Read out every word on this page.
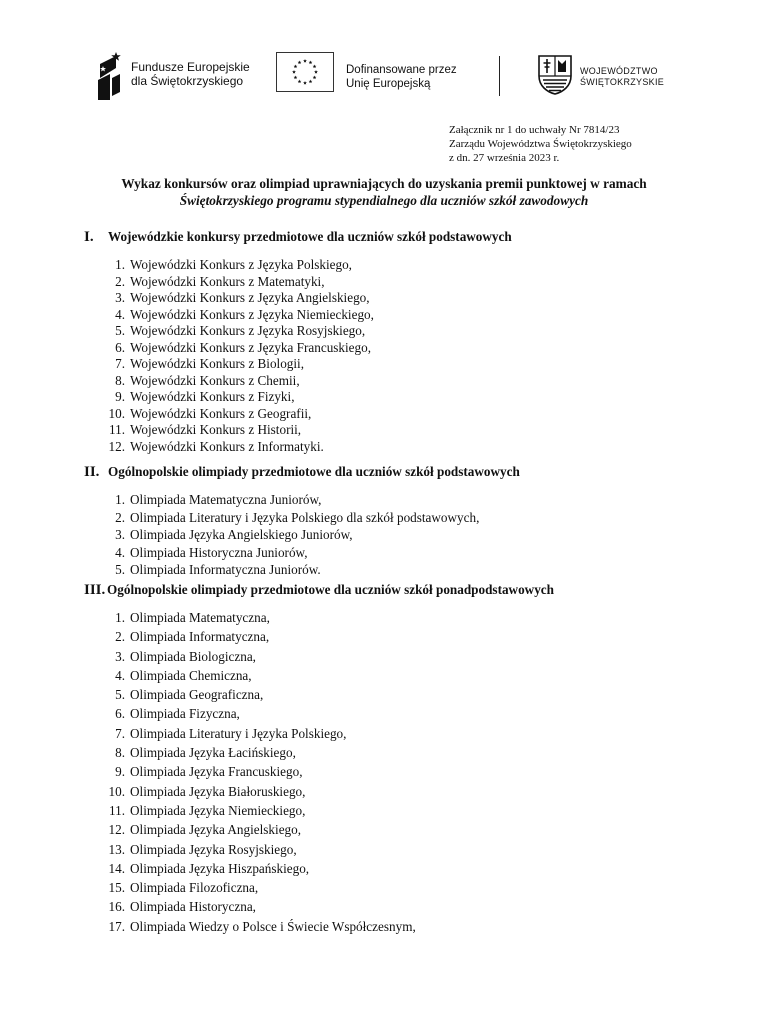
Fundusze Europejskie
dla Świętokrzyskiego
Dofinansowane przez
Unię Europejską
WOJEWÓDZTWO
ŚWIĘTOKRZYSKIE
Załącznik nr 1 do uchwały Nr 7814/23
Zarządu Województwa Świętokrzyskiego
z dn. 27 września 2023 r.
Wykaz konkursów oraz olimpiad uprawniających do uzyskania premii punktowej w ramach
Świętokrzyskiego programu stypendialnego dla uczniów szkół zawodowych
I. Wojewódzkie konkursy przedmiotowe dla uczniów szkół podstawowych
1. Wojewódzki Konkurs z Języka Polskiego,
2. Wojewódzki Konkurs z Matematyki,
3. Wojewódzki Konkurs z Języka Angielskiego,
4. Wojewódzki Konkurs z Języka Niemieckiego,
5. Wojewódzki Konkurs z Języka Rosyjskiego,
6. Wojewódzki Konkurs z Języka Francuskiego,
7. Wojewódzki Konkurs z Biologii,
8. Wojewódzki Konkurs z Chemii,
9. Wojewódzki Konkurs z Fizyki,
10. Wojewódzki Konkurs z Geografii,
11. Wojewódzki Konkurs z Historii,
12. Wojewódzki Konkurs z Informatyki.
II. Ogólnopolskie olimpiady przedmiotowe dla uczniów szkół podstawowych
1. Olimpiada Matematyczna Juniorów,
2. Olimpiada Literatury i Języka Polskiego dla szkół podstawowych,
3. Olimpiada Języka Angielskiego Juniorów,
4. Olimpiada Historyczna Juniorów,
5. Olimpiada Informatyczna Juniorów.
III. Ogólnopolskie olimpiady przedmiotowe dla uczniów szkół ponadpodstawowych
1. Olimpiada Matematyczna,
2. Olimpiada Informatyczna,
3. Olimpiada Biologiczna,
4. Olimpiada Chemiczna,
5. Olimpiada Geograficzna,
6. Olimpiada Fizyczna,
7. Olimpiada Literatury i Języka Polskiego,
8. Olimpiada Języka Łacińskiego,
9. Olimpiada Języka Francuskiego,
10. Olimpiada Języka Białoruskiego,
11. Olimpiada Języka Niemieckiego,
12. Olimpiada Języka Angielskiego,
13. Olimpiada Języka Rosyjskiego,
14. Olimpiada Języka Hiszpańskiego,
15. Olimpiada Filozoficzna,
16. Olimpiada Historyczna,
17. Olimpiada Wiedzy o Polsce i Świecie Współczesnym,
